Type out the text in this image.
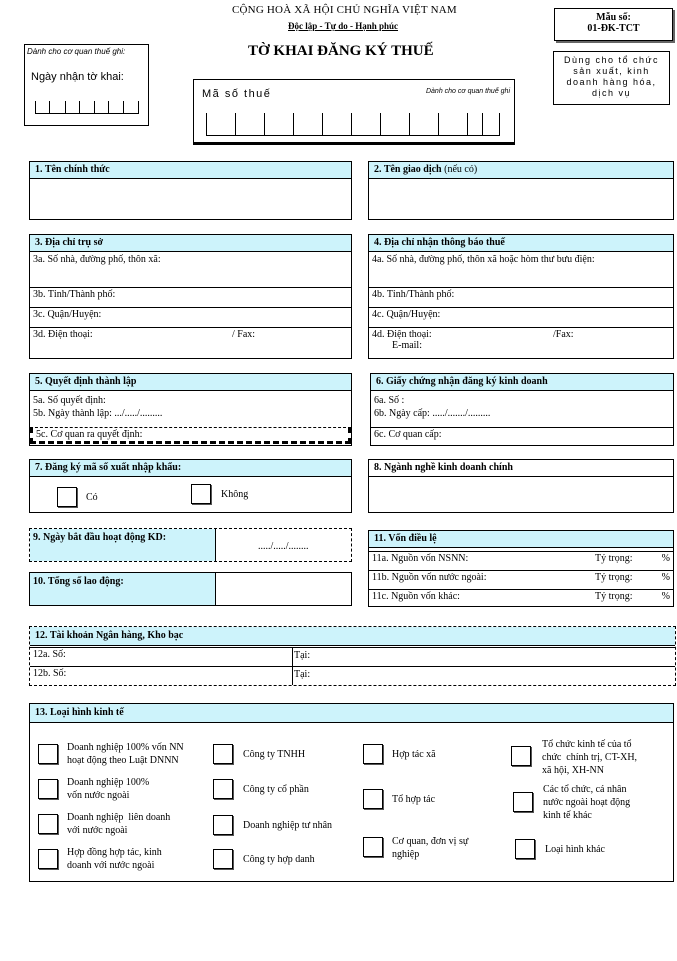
CỘNG HOÀ XÃ HỘI CHỦ NGHĨA VIỆT NAM
Độc lập - Tự do - Hạnh phúc
TỜ KHAI ĐĂNG KÝ THUẾ
Mẫu số:
01-ĐK-TCT
Dùng cho tổ chức sản xuất, kinh doanh hàng hóa, dịch vụ
Dành cho cơ quan thuế ghi:
Ngày nhận tờ khai:
Mã số thuế	Dành cho cơ quan thuế ghi
1. Tên chính thức	2. Tên giao dịch (nếu có)
3. Địa chỉ trụ sở
3a. Số nhà, đường phố, thôn xã:
3b. Tỉnh/Thành phố:
3c. Quận/Huyện:
3d. Điện thoại:	/ Fax:
4. Địa chỉ nhận thông báo thuế
4a. Số nhà, đường phố, thôn xã hoặc hòm thư bưu điện:
4b. Tỉnh/Thành phố:
4c. Quận/Huyện:
4d. Điện thoại:	/Fax:
E-mail:
5. Quyết định thành lập
5a. Số quyết định:
5b. Ngày thành lập: .../...../.........
5c. Cơ quan ra quyết định:
6. Giấy chứng nhận đăng ký kinh doanh
6a. Số :
6b. Ngày cấp: ...../......./.........
6c. Cơ quan cấp:
7. Đăng ký mã số xuất nhập khẩu:
Có	Không
8. Ngành nghề kinh doanh chính
9. Ngày bắt đầu hoạt động KD:
...../...../........
10. Tổng số lao động:
11. Vốn điều lệ
11a. Nguồn vốn NSNN:	Tỷ trọng:	%
11b. Nguồn vốn nước ngoài:	Tỷ trọng:	%
11c. Nguồn vốn khác:	Tỷ trọng:	%
12. Tài khoản Ngân hàng, Kho bạc
12a. Số:	Tại:
12b. Số:	Tại:
13. Loại hình kinh tế
Doanh nghiệp 100% vốn NN
hoạt động theo Luật DNNN
Doanh nghiệp 100%
vốn nước ngoài
Doanh nghiệp  liên doanh
với nước ngoài
Hợp đồng hợp tác, kinh
doanh với nước ngoài
Công ty TNHH
Công ty cổ phần
Doanh nghiệp tư nhân
Công ty hợp danh
Hợp tác xã
Tổ hợp tác
Cơ quan, đơn vị sự
nghiệp
Tổ chức kinh tế của tổ
chức  chính trị, CT-XH,
xã hội, XH-NN
Các tổ chức, cá nhân
nước ngoài hoạt động
kinh tế khác
Loại hình khác
